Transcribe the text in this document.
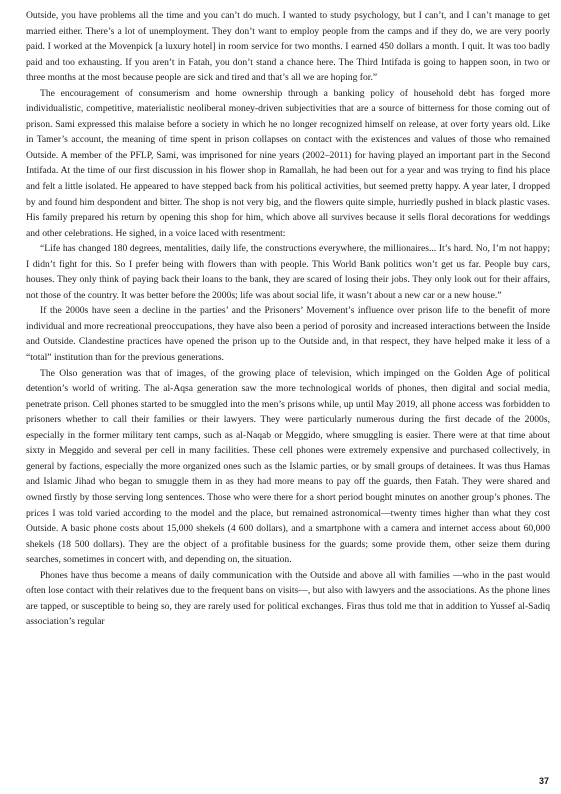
Outside, you have problems all the time and you can’t do much. I wanted to study psychology, but I can’t, and I can’t manage to get married either. There’s a lot of unemployment. They don’t want to employ people from the camps and if they do, we are very poorly paid. I worked at the Movenpick [a luxury hotel] in room service for two months. I earned 450 dollars a month. I quit. It was too badly paid and too exhausting. If you aren’t in Fatah, you don’t stand a chance here. The Third Intifada is going to happen soon, in two or three months at the most because people are sick and tired and that’s all we are hoping for.”

The encouragement of consumerism and home ownership through a banking policy of household debt has forged more individualistic, competitive, materialistic neoliberal money-driven subjectivities that are a source of bitterness for those coming out of prison. Sami expressed this malaise before a society in which he no longer recognized himself on release, at over forty years old. Like in Tamer’s account, the meaning of time spent in prison collapses on contact with the existences and values of those who remained Outside. A member of the PFLP, Sami, was imprisoned for nine years (2002–2011) for having played an important part in the Second Intifada. At the time of our first discussion in his flower shop in Ramallah, he had been out for a year and was trying to find his place and felt a little isolated. He appeared to have stepped back from his political activities, but seemed pretty happy. A year later, I dropped by and found him despondent and bitter. The shop is not very big, and the flowers quite simple, hurriedly pushed in black plastic vases. His family prepared his return by opening this shop for him, which above all survives because it sells floral decorations for weddings and other celebrations. He sighed, in a voice laced with resentment:

“Life has changed 180 degrees, mentalities, daily life, the constructions everywhere, the millionaires... It’s hard. No, I’m not happy; I didn’t fight for this. So I prefer being with flowers than with people. This World Bank politics won’t get us far. People buy cars, houses. They only think of paying back their loans to the bank, they are scared of losing their jobs. They only look out for their affairs, not those of the country. It was better before the 2000s; life was about social life, it wasn’t about a new car or a new house.”

If the 2000s have seen a decline in the parties’ and the Prisoners’ Movement’s influence over prison life to the benefit of more individual and more recreational preoccupations, they have also been a period of porosity and increased interactions between the Inside and Outside. Clandestine practices have opened the prison up to the Outside and, in that respect, they have helped make it less of a “total” institution than for the previous generations.

The Olso generation was that of images, of the growing place of television, which impinged on the Golden Age of political detention’s world of writing. The al-Aqsa generation saw the more technological worlds of phones, then digital and social media, penetrate prison. Cell phones started to be smuggled into the men’s prisons while, up until May 2019, all phone access was forbidden to prisoners whether to call their families or their lawyers. They were particularly numerous during the first decade of the 2000s, especially in the former military tent camps, such as al-Naqab or Meggido, where smuggling is easier. There were at that time about sixty in Meggido and several per cell in many facilities. These cell phones were extremely expensive and purchased collectively, in general by factions, especially the more organized ones such as the Islamic parties, or by small groups of detainees. It was thus Hamas and Islamic Jihad who began to smuggle them in as they had more means to pay off the guards, then Fatah. They were shared and owned firstly by those serving long sentences. Those who were there for a short period bought minutes on another group’s phones. The prices I was told varied according to the model and the place, but remained astronomical—twenty times higher than what they cost Outside. A basic phone costs about 15,000 shekels (4 600 dollars), and a smartphone with a camera and internet access about 60,000 shekels (18 500 dollars). They are the object of a profitable business for the guards; some provide them, other seize them during searches, sometimes in concert with, and depending on, the situation.

Phones have thus become a means of daily communication with the Outside and above all with families —who in the past would often lose contact with their relatives due to the frequent bans on visits—, but also with lawyers and the associations. As the phone lines are tapped, or susceptible to being so, they are rarely used for political exchanges. Firas thus told me that in addition to Yussef al-Sadiq association’s regular

37
